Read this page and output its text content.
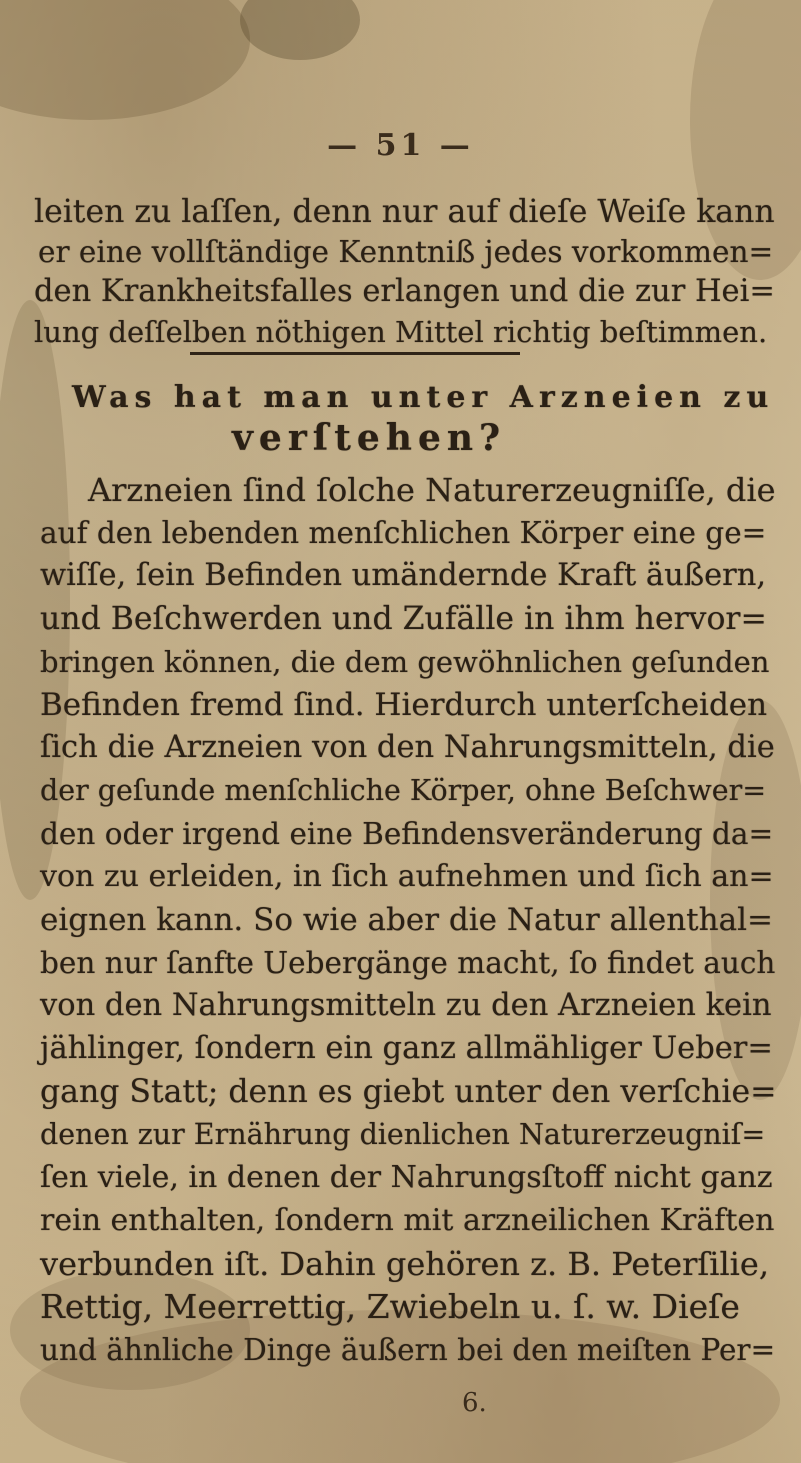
— 51 —
leiten zu laſſen, denn nur auf dieſe Weiſe kann
er eine vollſtändige Kenntniß jedes vorkommen=
den Krankheitsfalles erlangen und die zur Hei=
lung deſſelben nöthigen Mittel richtig beſtimmen.
Was hat man unter Arzneien zu
verſtehen?
Arzneien ſind ſolche Naturerzeugniſſe, die
auf den lebenden menſchlichen Körper eine ge=
wiſſe, ſein Befinden umändernde Kraft äußern,
und Beſchwerden und Zufälle in ihm hervor=
bringen können, die dem gewöhnlichen geſunden
Befinden fremd ſind. Hierdurch unterſcheiden
ſich die Arzneien von den Nahrungsmitteln, die
der geſunde menſchliche Körper, ohne Beſchwer=
den oder irgend eine Befindensveränderung da=
von zu erleiden, in ſich aufnehmen und ſich an=
eignen kann. So wie aber die Natur allenthal=
ben nur ſanfte Uebergänge macht, ſo findet auch
von den Nahrungsmitteln zu den Arzneien kein
jählinger, ſondern ein ganz allmähliger Ueber=
gang Statt; denn es giebt unter den verſchie=
denen zur Ernährung dienlichen Naturerzeugniſ=
ſen viele, in denen der Nahrungsſtoff nicht ganz
rein enthalten, ſondern mit arzneilichen Kräften
verbunden iſt. Dahin gehören z. B. Peterſilie,
Rettig, Meerrettig, Zwiebeln u. ſ. w. Dieſe
und ähnliche Dinge äußern bei den meiſten Per=
6.
